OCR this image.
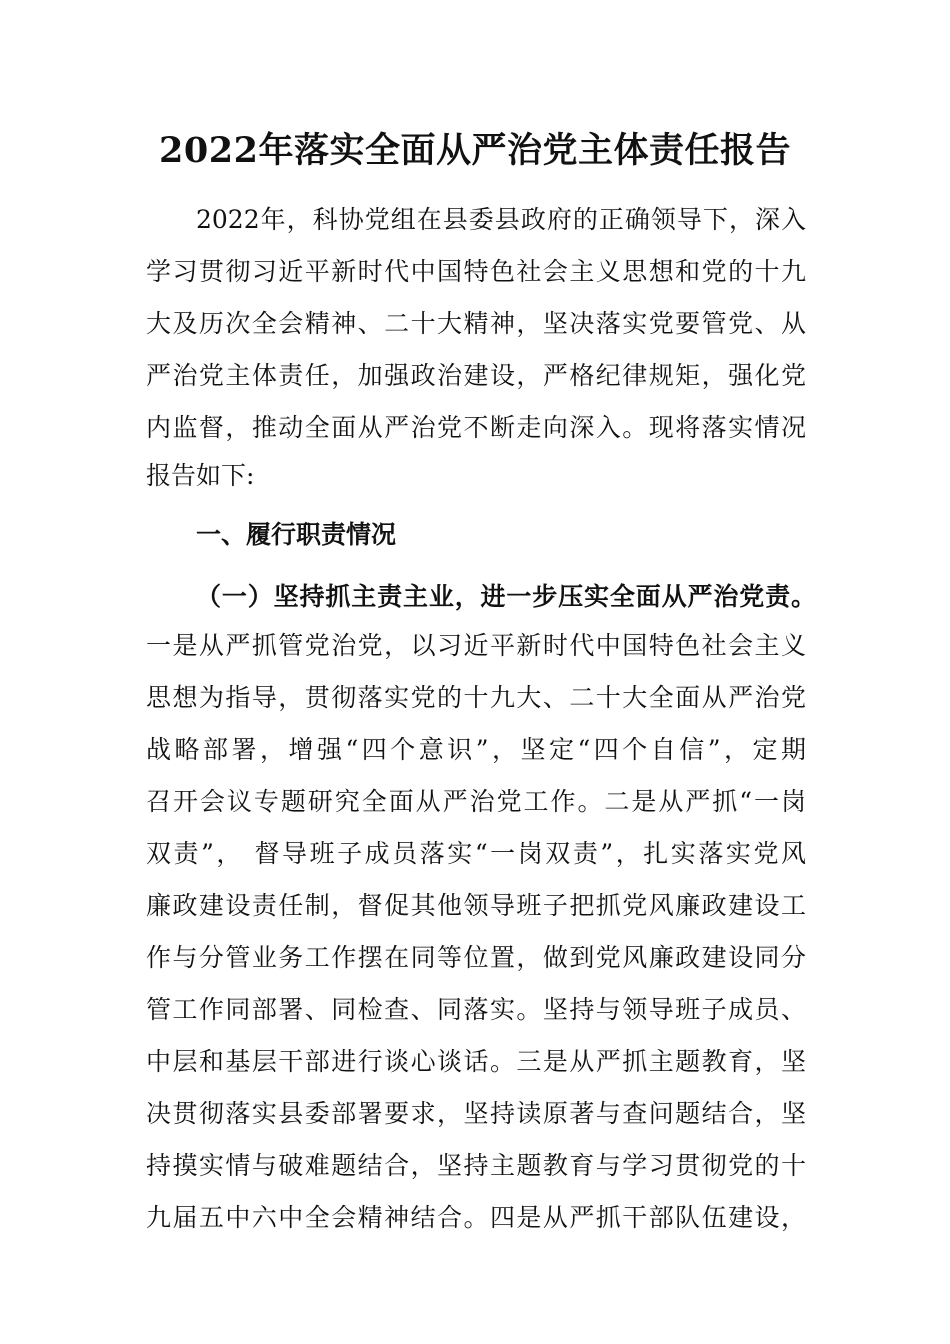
2022年落实全面从严治党主体责任报告
2022年，科协党组在县委县政府的正确领导下，深入
学习贯彻习近平新时代中国特色社会主义思想和党的十九
大及历次全会精神、二十大精神，坚决落实党要管党、从
严治党主体责任，加强政治建设，严格纪律规矩，强化党
内监督，推动全面从严治党不断走向深入。现将落实情况
报告如下:
一、履行职责情况
（一）坚持抓主责主业，进一步压实全面从严治党责。
一是从严抓管党治党，以习近平新时代中国特色社会主义
思想为指导，贯彻落实党的十九大、二十大全面从严治党
战略部署，增强“四个意识”，坚定“四个自信”，定期
召开会议专题研究全面从严治党工作。二是从严抓“一岗
双责”， 督导班子成员落实“一岗双责”，扎实落实党风
廉政建设责任制，督促其他领导班子把抓党风廉政建设工
作与分管业务工作摆在同等位置，做到党风廉政建设同分
管工作同部署、同检查、同落实。坚持与领导班子成员、
中层和基层干部进行谈心谈话。三是从严抓主题教育，坚
决贯彻落实县委部署要求，坚持读原著与查问题结合，坚
持摸实情与破难题结合，坚持主题教育与学习贯彻党的十
九届五中六中全会精神结合。四是从严抓干部队伍建设，
